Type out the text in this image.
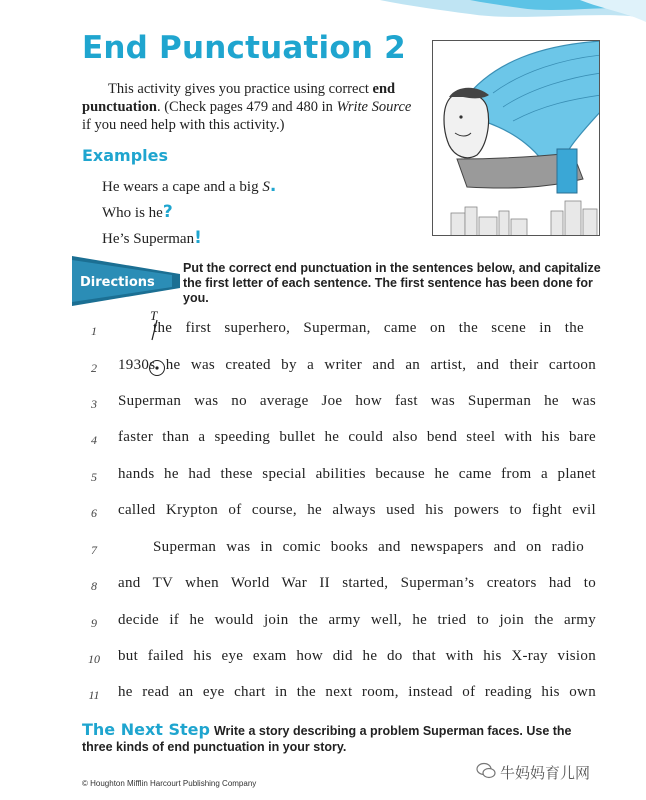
End Punctuation 2

This activity gives you practice using correct end punctuation. (Check pages 479 and 480 in Write Source if you need help with this activity.)

Examples
He wears a cape and a big S.
Who is he?
He’s Superman!
Directions

Put the correct end punctuation in the sentences below, and capitalize the first letter of each sentence. The first sentence has been done for you.

T
1	the first superhero, Superman, came on the scene in the
2	1930s he was created by a writer and an artist, and their cartoon
3	Superman was no average Joe how fast was Superman he was
4	faster than a speeding bullet he could also bend steel with his bare
5	hands he had these special abilities because he came from a planet
6	called Krypton of course, he always used his powers to fight evil
7	Superman was in comic books and newspapers and on radio
8	and TV when World War II started, Superman’s creators had to
9	decide if he would join the army well, he tried to join the army
10 but failed his eye exam how did he do that with his X-ray vision
11 he read an eye chart in the next room, instead of reading his own

The Next Step Write a story describing a problem Superman faces. Use the three kinds of end punctuation in your story.

© Houghton Mifflin Harcourt Publishing Company
牛妈妈育儿网
